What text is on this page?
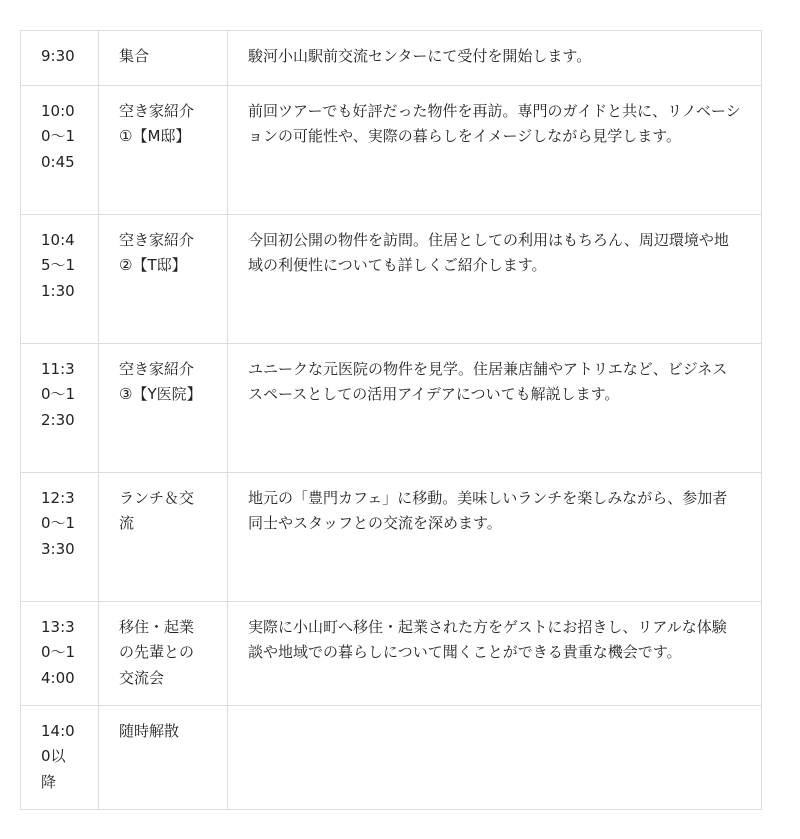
9:30	集合	駿河小山駅前交流センターにて受付を開始します。

10:00〜10:45	空き家紹介①【M邸】	前回ツアーでも好評だった物件を再訪。専門のガイドと共に、リノベーションの可能性や、実際の暮らしをイメージしながら見学します。

10:45〜11:30	空き家紹介②【T邸】	今回初公開の物件を訪問。住居としての利用はもちろん、周辺環境や地域の利便性についても詳しくご紹介します。

11:30〜12:30	空き家紹介③【Y医院】	ユニークな元医院の物件を見学。住居兼店舗やアトリエなど、ビジネススペースとしての活用アイデアについても解説します。

12:30〜13:30	ランチ＆交流	地元の「豊門カフェ」に移動。美味しいランチを楽しみながら、参加者同士やスタッフとの交流を深めます。

13:30〜14:00	移住・起業の先輩との交流会	実際に小山町へ移住・起業された方をゲストにお招きし、リアルな体験談や地域での暮らしについて聞くことができる貴重な機会です。

14:00以降	随時解散	
